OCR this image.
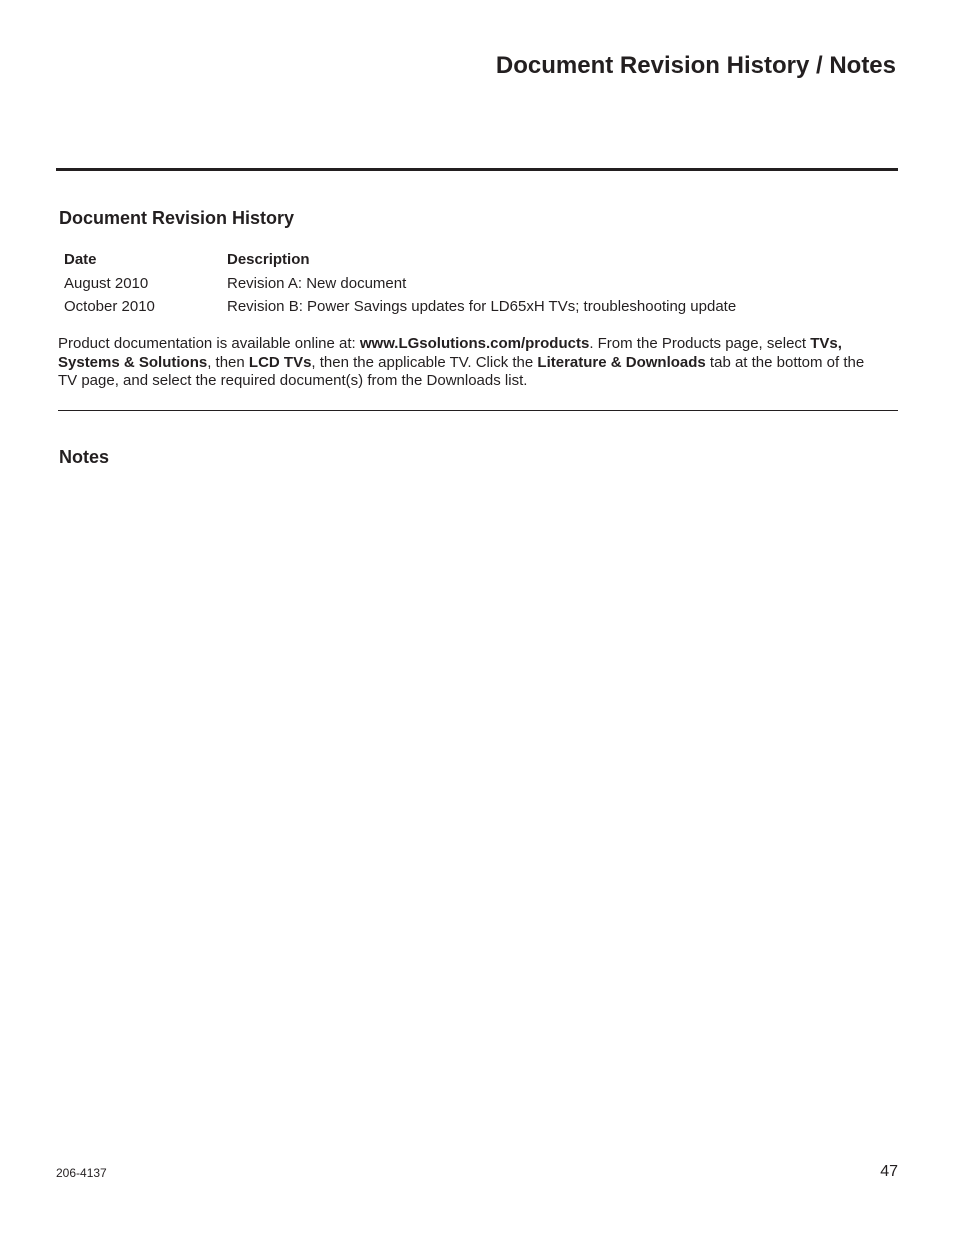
Document Revision History / Notes
Document Revision History
Date	Description
August 2010	Revision A: New document
October 2010	Revision B: Power Savings updates for LD65xH TVs; troubleshooting update

Product documentation is available online at: www.LGsolutions.com/products. From the Products page, select TVs, Systems & Solutions, then LCD TVs, then the applicable TV. Click the Literature & Downloads tab at the bottom of the TV page, and select the required document(s) from the Downloads list.

Notes
206-4137	47
